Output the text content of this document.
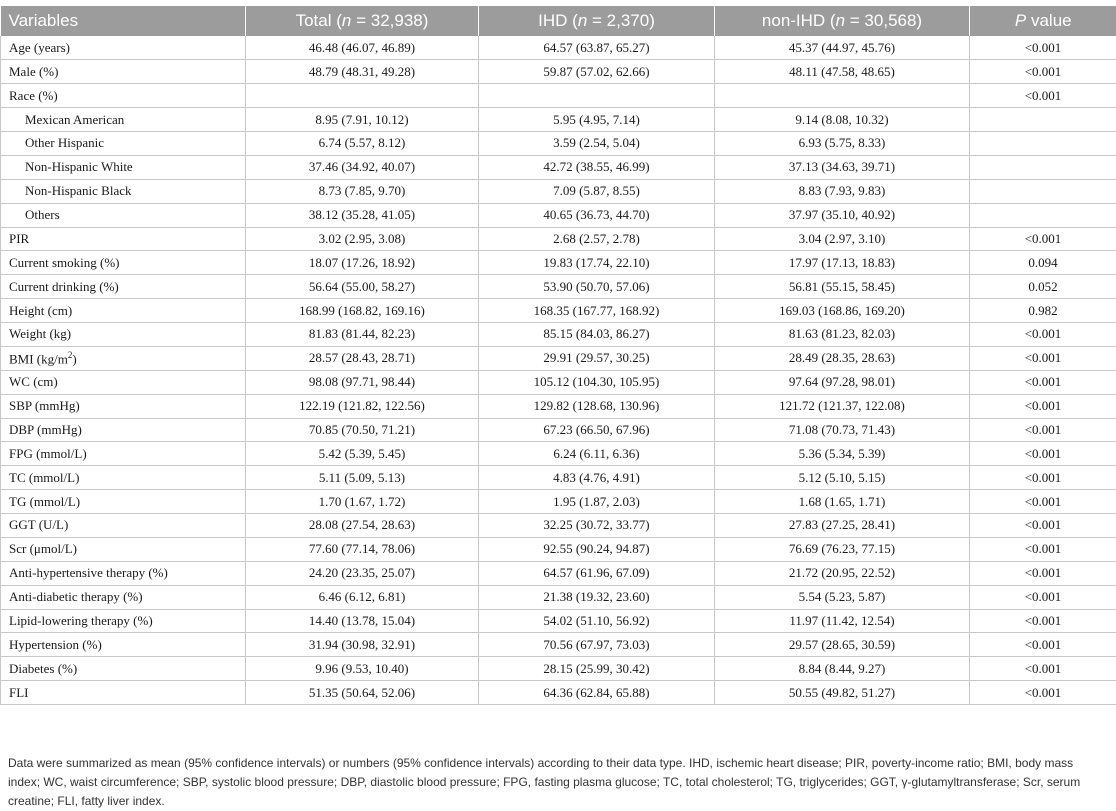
Variables	Total (n = 32,938)	IHD (n = 2,370)	non-IHD (n = 30,568)	P value
Age (years)	46.48 (46.07, 46.89)	64.57 (63.87, 65.27)	45.37 (44.97, 45.76)	<0.001
Male (%)	48.79 (48.31, 49.28)	59.87 (57.02, 62.66)	48.11 (47.58, 48.65)	<0.001
Race (%)				<0.001
Mexican American	8.95 (7.91, 10.12)	5.95 (4.95, 7.14)	9.14 (8.08, 10.32)	
Other Hispanic	6.74 (5.57, 8.12)	3.59 (2.54, 5.04)	6.93 (5.75, 8.33)	
Non-Hispanic White	37.46 (34.92, 40.07)	42.72 (38.55, 46.99)	37.13 (34.63, 39.71)	
Non-Hispanic Black	8.73 (7.85, 9.70)	7.09 (5.87, 8.55)	8.83 (7.93, 9.83)	
Others	38.12 (35.28, 41.05)	40.65 (36.73, 44.70)	37.97 (35.10, 40.92)	
PIR	3.02 (2.95, 3.08)	2.68 (2.57, 2.78)	3.04 (2.97, 3.10)	<0.001
Current smoking (%)	18.07 (17.26, 18.92)	19.83 (17.74, 22.10)	17.97 (17.13, 18.83)	0.094
Current drinking (%)	56.64 (55.00, 58.27)	53.90 (50.70, 57.06)	56.81 (55.15, 58.45)	0.052
Height (cm)	168.99 (168.82, 169.16)	168.35 (167.77, 168.92)	169.03 (168.86, 169.20)	0.982
Weight (kg)	81.83 (81.44, 82.23)	85.15 (84.03, 86.27)	81.63 (81.23, 82.03)	<0.001
BMI $(kg/m^2)$	28.57 (28.43, 28.71)	29.91 (29.57, 30.25)	28.49 (28.35, 28.63)	<0.001
WC (cm)	98.08 (97.71, 98.44)	105.12 (104.30, 105.95)	97.64 (97.28, 98.01)	<0.001
SBP (mmHg)	122.19 (121.82, 122.56)	129.82 (128.68, 130.96)	121.72 (121.37, 122.08)	<0.001
DBP (mmHg)	70.85 (70.50, 71.21)	67.23 (66.50, 67.96)	71.08 (70.73, 71.43)	<0.001
FPG (mmol/L)	5.42 (5.39, 5.45)	6.24 (6.11, 6.36)	5.36 (5.34, 5.39)	<0.001
TC (mmol/L)	5.11 (5.09, 5.13)	4.83 (4.76, 4.91)	5.12 (5.10, 5.15)	<0.001
TG (mmol/L)	1.70 (1.67, 1.72)	1.95 (1.87, 2.03)	1.68 (1.65, 1.71)	<0.001
GGT (U/L)	28.08 (27.54, 28.63)	32.25 (30.72, 33.77)	27.83 (27.25, 28.41)	<0.001
Scr (μmol/L)	77.60 (77.14, 78.06)	92.55 (90.24, 94.87)	76.69 (76.23, 77.15)	<0.001
Anti-hypertensive therapy (%)	24.20 (23.35, 25.07)	64.57 (61.96, 67.09)	21.72 (20.95, 22.52)	<0.001
Anti-diabetic therapy (%)	6.46 (6.12, 6.81)	21.38 (19.32, 23.60)	5.54 (5.23, 5.87)	<0.001
Lipid-lowering therapy (%)	14.40 (13.78, 15.04)	54.02 (51.10, 56.92)	11.97 (11.42, 12.54)	<0.001
Hypertension (%)	31.94 (30.98, 32.91)	70.56 (67.97, 73.03)	29.57 (28.65, 30.59)	<0.001
Diabetes (%)	9.96 (9.53, 10.40)	28.15 (25.99, 30.42)	8.84 (8.44, 9.27)	<0.001
FLI	51.35 (50.64, 52.06)	64.36 (62.84, 65.88)	50.55 (49.82, 51.27)	<0.001
Data were summarized as mean (95% confidence intervals) or numbers (95% confidence intervals) according to their data type. IHD, ischemic heart disease; PIR, poverty-income ratio; BMI, body mass index; WC, waist circumference; SBP, systolic blood pressure; DBP, diastolic blood pressure; FPG, fasting plasma glucose; TC, total cholesterol; TG, triglycerides; GGT, γ-glutamyltransferase; Scr, serum creatine; FLI, fatty liver index.
